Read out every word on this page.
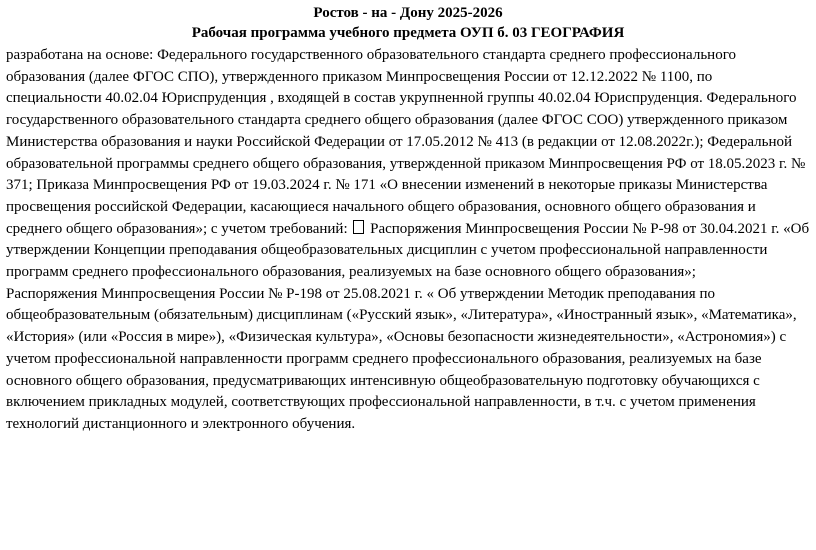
Ростов - на - Дону 2025-2026

Рабочая программа учебного предмета ОУП б. 03 ГЕОГРАФИЯ

разработана на основе: Федерального государственного образовательного стандарта среднего профессионального образования (далее ФГОС СПО), утвержденного приказом Минпросвещения России от 12.12.2022 № 1100, по специальности 40.02.04 Юриспруденция , входящей в состав укрупненной группы 40.02.04 Юриспруденция. Федерального государственного образовательного стандарта среднего общего образования (далее ФГОС СОО) утвержденного приказом Министерства образования и науки Российской Федерации от 17.05.2012 № 413 (в редакции от 12.08.2022г.); Федеральной образовательной программы среднего общего образования, утвержденной приказом Минпросвещения РФ от 18.05.2023 г. № 371; Приказа Минпросвещения РФ от 19.03.2024 г. № 171 «О внесении изменений в некоторые приказы Министерства просвещения российской Федерации, касающиеся начального общего образования, основного общего образования и среднего общего образования»; с учетом требований:  Распоряжения Минпросвещения России № Р-98 от 30.04.2021 г. «Об утверждении Концепции преподавания общеобразовательных дисциплин с учетом профессиональной направленности программ среднего профессионального образования, реализуемых на базе основного общего образования»;

Распоряжения Минпросвещения России № Р-198 от 25.08.2021 г. « Об утверждении Методик преподавания по общеобразовательным (обязательным) дисциплинам («Русский язык», «Литература», «Иностранный язык», «Математика», «История» (или «Россия в мире»), «Физическая культура», «Основы безопасности жизнедеятельности», «Астрономия») с учетом профессиональной направленности программ среднего профессионального образования, реализуемых на базе основного общего образования, предусматривающих интенсивную общеобразовательную подготовку обучающихся с включением прикладных модулей, соответствующих профессиональной направленности, в т.ч. с учетом применения технологий дистанционного и электронного обучения.
